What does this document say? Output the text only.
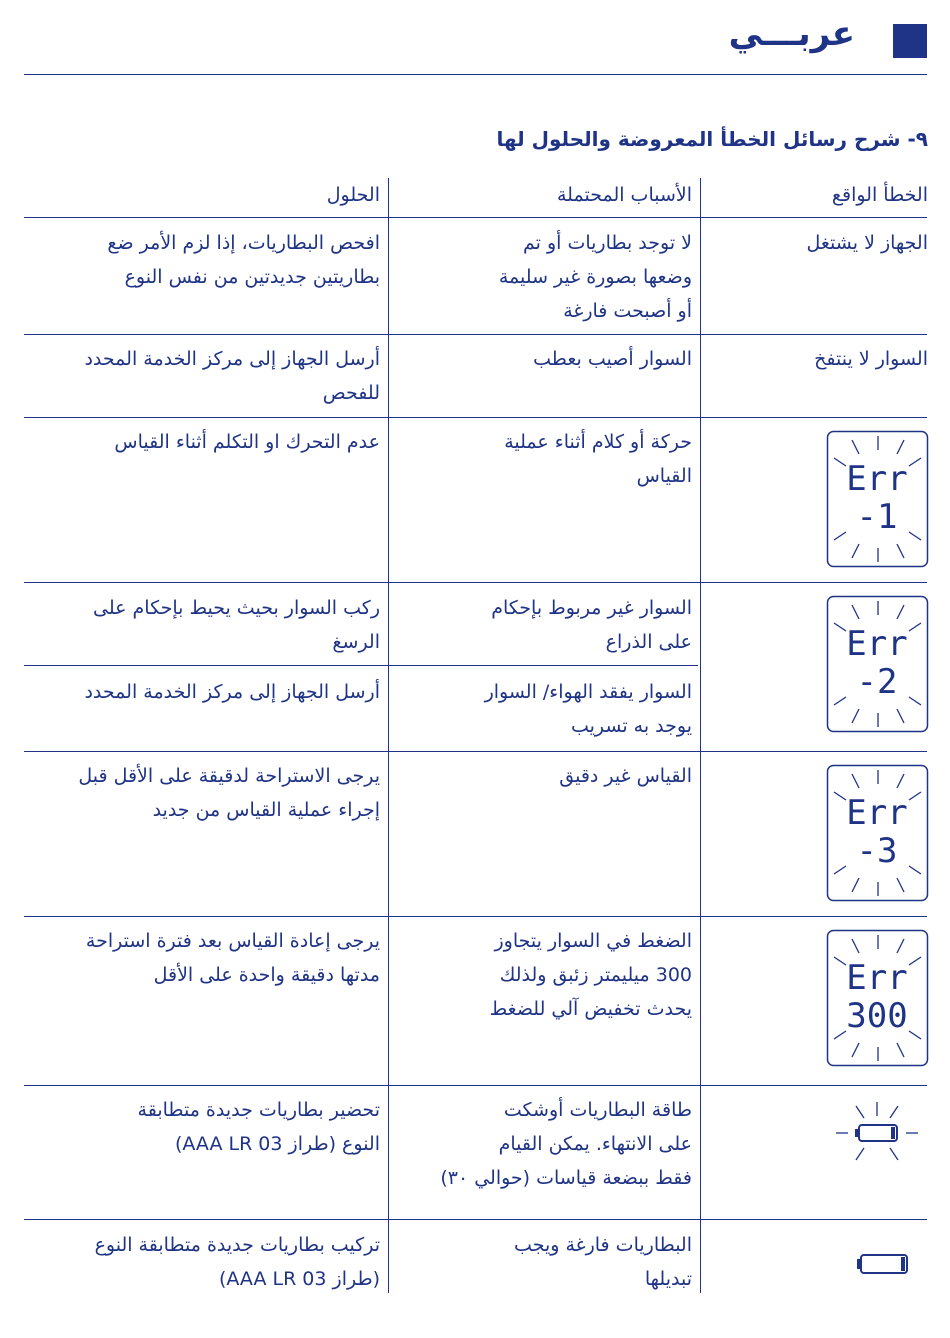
عربـــي
٩- شرح رسائل الخطأ المعروضة والحلول لها
الخطأ الواقع
الأسباب المحتملة
الحلول
الجهاز لا يشتغل
لا توجد بطاريات أو تم
وضعها بصورة غير سليمة
أو أصبحت فارغة
افحص البطاريات، إذا لزم الأمر ضع
بطاريتين جديدتين من نفس النوع
السوار لا ينتفخ
السوار أصيب بعطب
أرسل الجهاز إلى مركز الخدمة المحدد
للفحص
Err
-1
حركة أو كلام أثناء عملية
القياس
عدم التحرك او التكلم أثناء القياس
Err
-2
السوار غير مربوط بإحكام
على الذراع
ركب السوار بحيث يحيط بإحكام على
الرسغ
السوار يفقد الهواء/ السوار
يوجد به تسريب
أرسل الجهاز إلى مركز الخدمة المحدد
Err
-3
القياس غير دقيق
يرجى الاستراحة لدقيقة على الأقل قبل
إجراء عملية القياس من جديد
Err
300
الضغط في السوار يتجاوز
300 ميليمتر زئبق ولذلك
يحدث تخفيض آلي للضغط
يرجى إعادة القياس بعد فترة استراحة
مدتها دقيقة واحدة على الأقل
طاقة البطاريات أوشكت
على الانتهاء. يمكن القيام
فقط ببضعة قياسات (حوالي ٣٠)
تحضير بطاريات جديدة متطابقة
النوع (طراز AAA LR 03)
البطاريات فارغة ويجب
تبديلها
تركيب بطاريات جديدة متطابقة النوع
(طراز AAA LR 03)
